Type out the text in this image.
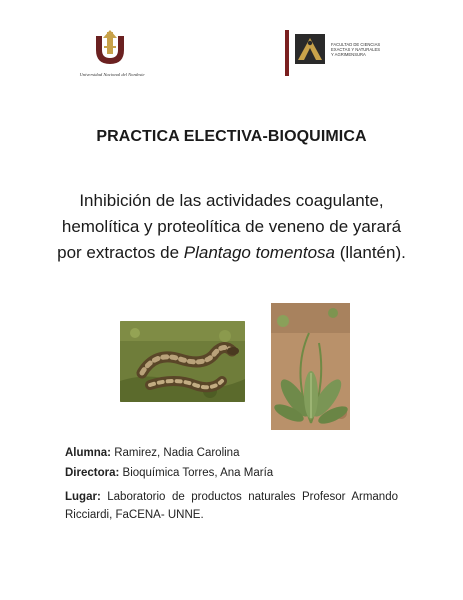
Universidad Nacional del Nordeste
FACULTAD DE CIENCIAS
EXACTAS Y NATURALES
Y AGRIMENSURA
PRACTICA ELECTIVA-BIOQUIMICA
Inhibición de las actividades coagulante, hemolítica y proteolítica de veneno de yarará por extractos de Plantago tomentosa (llantén).
Alumna: Ramirez, Nadia Carolina
Directora: Bioquímica Torres, Ana María
Lugar: Laboratorio de productos naturales Profesor Armando Ricciardi, FaCENA- UNNE.
